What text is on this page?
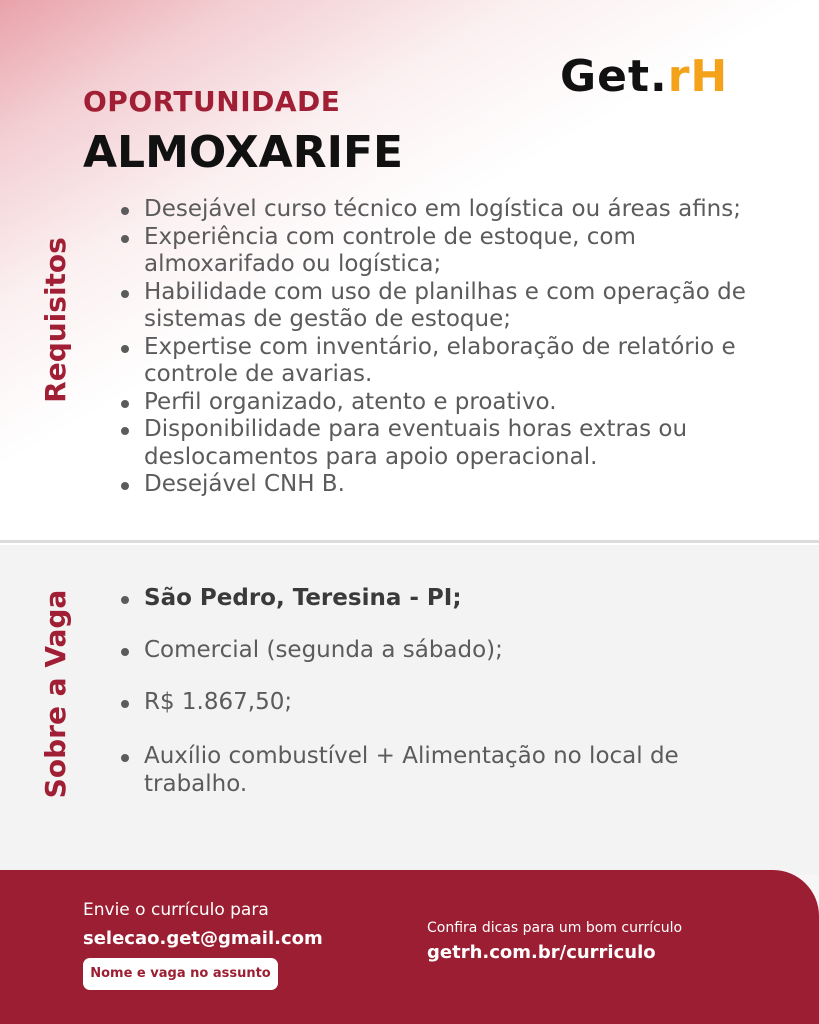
Get.rH
OPORTUNIDADE
ALMOXARIFE
Requisitos
Desejável curso técnico em logística ou áreas afins;
Experiência com controle de estoque, com almoxarifado ou logística;
Habilidade com uso de planilhas e com operação de sistemas de gestão de estoque;
Expertise com inventário, elaboração de relatório e controle de avarias.
Perfil organizado, atento e proativo.
Disponibilidade para eventuais horas extras ou deslocamentos para apoio operacional.
Desejável CNH B.
Sobre a Vaga	São Pedro, Teresina - PI;
Comercial (segunda a sábado);
R$ 1.867,50;
Auxílio combustível + Alimentação no local de trabalho.
Envie o currículo para
selecao.get@gmail.com
Nome e vaga no assunto
Confira dicas para um bom currículo
getrh.com.br/curriculo
